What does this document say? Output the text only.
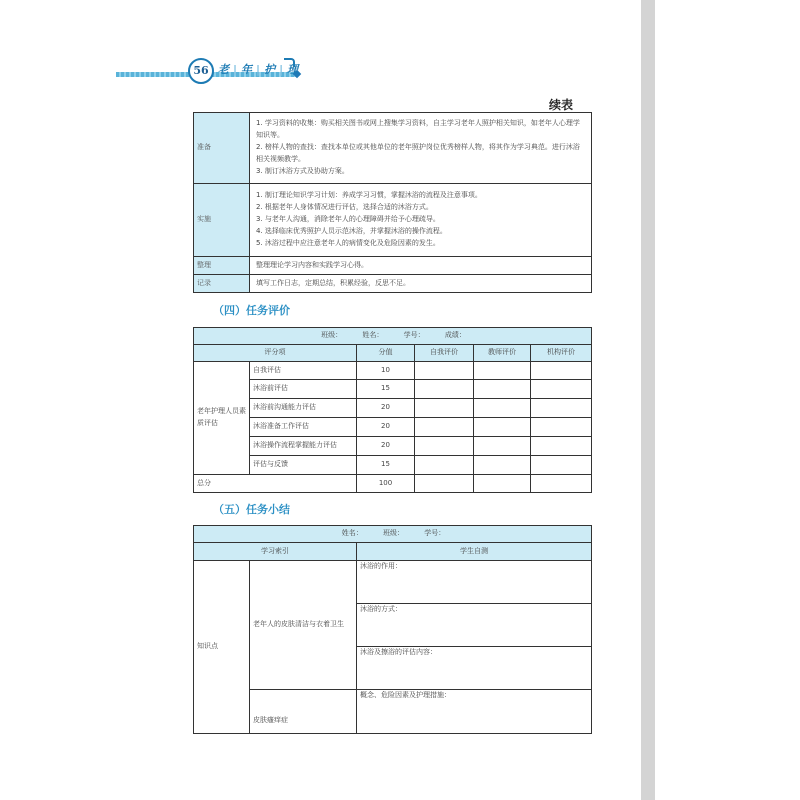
56 老 | 年 | 护 | 理
续表
准备	1. 学习资料的收集：购买相关图书或网上搜集学习资料，自主学习老年人照护相关知识，如老年人心理学知识等。
2. 榜样人物的查找：查找本单位或其他单位的老年照护岗位优秀榜样人物，将其作为学习典范。进行沐浴相关视频教学。
3. 制订沐浴方式及协助方案。

实施	1. 制订理论知识学习计划：养成学习习惯，掌握沐浴的流程及注意事项。
2. 根据老年人身体情况进行评估，选择合适的沐浴方式。
3. 与老年人沟通，消除老年人的心理障碍并给予心理疏导。
4. 选择临床优秀照护人员示范沐浴，并掌握沐浴的操作流程。
5. 沐浴过程中应注意老年人的病情变化及危险因素的发生。

整理	整理理论学习内容和实践学习心得。
记录	填写工作日志，定期总结，积累经验，反思不足。
（四）任务评价
班级： 姓名： 学号： 成绩：					
评分项		分值	自我评价	教师评价	机构评价
老年护理人员素质评估	自我评估	10			
	沐浴前评估	15			
	沐浴前沟通能力评估	20			
	沐浴准备工作评估	20			
	沐浴操作流程掌握能力评估	20			
	评估与反馈	15			
总分		100			
（五）任务小结
姓名： 班级： 学号：		
学习索引		学生自测
知识点	老年人的皮肤清洁与衣着卫生	沐浴的作用：
		沐浴的方式：
		沐浴及擦浴的评估内容：
	皮肤瘙痒症	概念、危险因素及护理措施：
